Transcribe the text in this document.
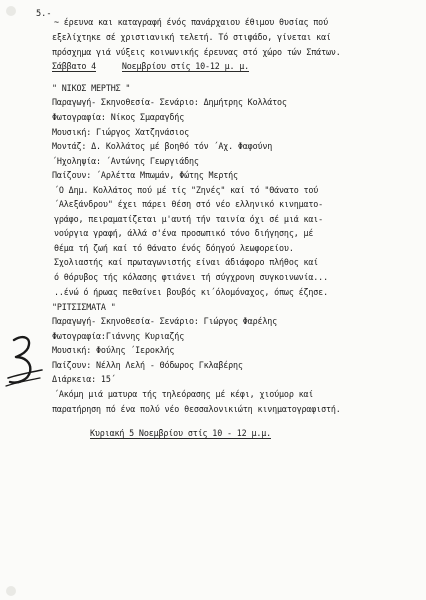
5.-
~ έρευνα και καταγραφή ένός πανάρχαιου έθιμου θυσίας πού
εξελίχτηκε σέ χριστιανική τελετή. Τό στιφάδο, γίνεται καί
πρόσχημα γιά νύξεις κοινωνικής έρευνας στό χώρο τών Σπάτων.
Σάββατο 4	Νοεμβρίου στίς 10-12 μ. μ.
" ΝΙΚΟΣ ΜΕΡΤΗΣ "
Παραγωγή- Σκηνοθεσία- Σενάριο: Δημήτρης Κολλάτος
Φωτογραφία: Νίκος Σμαραγδής
Μουσική: Γιώργος Χατζηνάσιος
Μοντάζ: Δ. Κολλάτος μέ βοηθό τόν ΄Αχ. Φαφούνη
΄Ηχοληψία: ΄Αντώνης Γεωργιάδης
Παίζουν: ΄Αρλέττα Μπωμάν, Φώτης Μερτής
΄Ο Δημ. Κολλάτος πού μέ τίς "Ζηνές" καί τό "Θάνατο τού
΄Αλεξάνδρου" έχει πάρει θέση στό νέο ελληνικό κινηματο-
γράφο, πειραματίζεται μ'αυτή τήν ταινία όχι σέ μιά και-
νούργια γραφή, άλλά σ'ένα προσωπικό τόνο διήγησης, μέ
θέμα τή ζωή καί τό θάνατο ένός δόηγού λεωφορείου.
Σχολιαστής καί πρωταγωνιστής είναι άδιάφορο πλήθος καί
ό θόρυβος τής κόλασης φτιάνει τή σύγχρονη συγκοινωνία...
..ένώ ό ήρωας πεθαίνει βουβός κι΄όλομόναχος, όπως έζησε.
"ΡΙΤΣΙΣΜΑΤΑ "
Παραγωγή- Σκηνοθεσία- Σενάριο: Γιώργος Φαρέλης
Φωτογραφία:Γιάννης Κυριαζής
Μουσική: Φούλης ΄Ιεροκλής
Παίζουν: Νέλλη Λελή - Θόδωρος Γκλαβέρης
Διάρκεια: 15΄
΄Ακόμη μιά ματυρα τής τηλεόρασης μέ κέφι, χιούμορ καί
παρατήρηση πό ένα πολύ νέο θεσσαλονικιώτη κινηματογραφιστή.
Κυριακή 5 Νοεμβρίου στίς 10 - 12 μ.μ.
